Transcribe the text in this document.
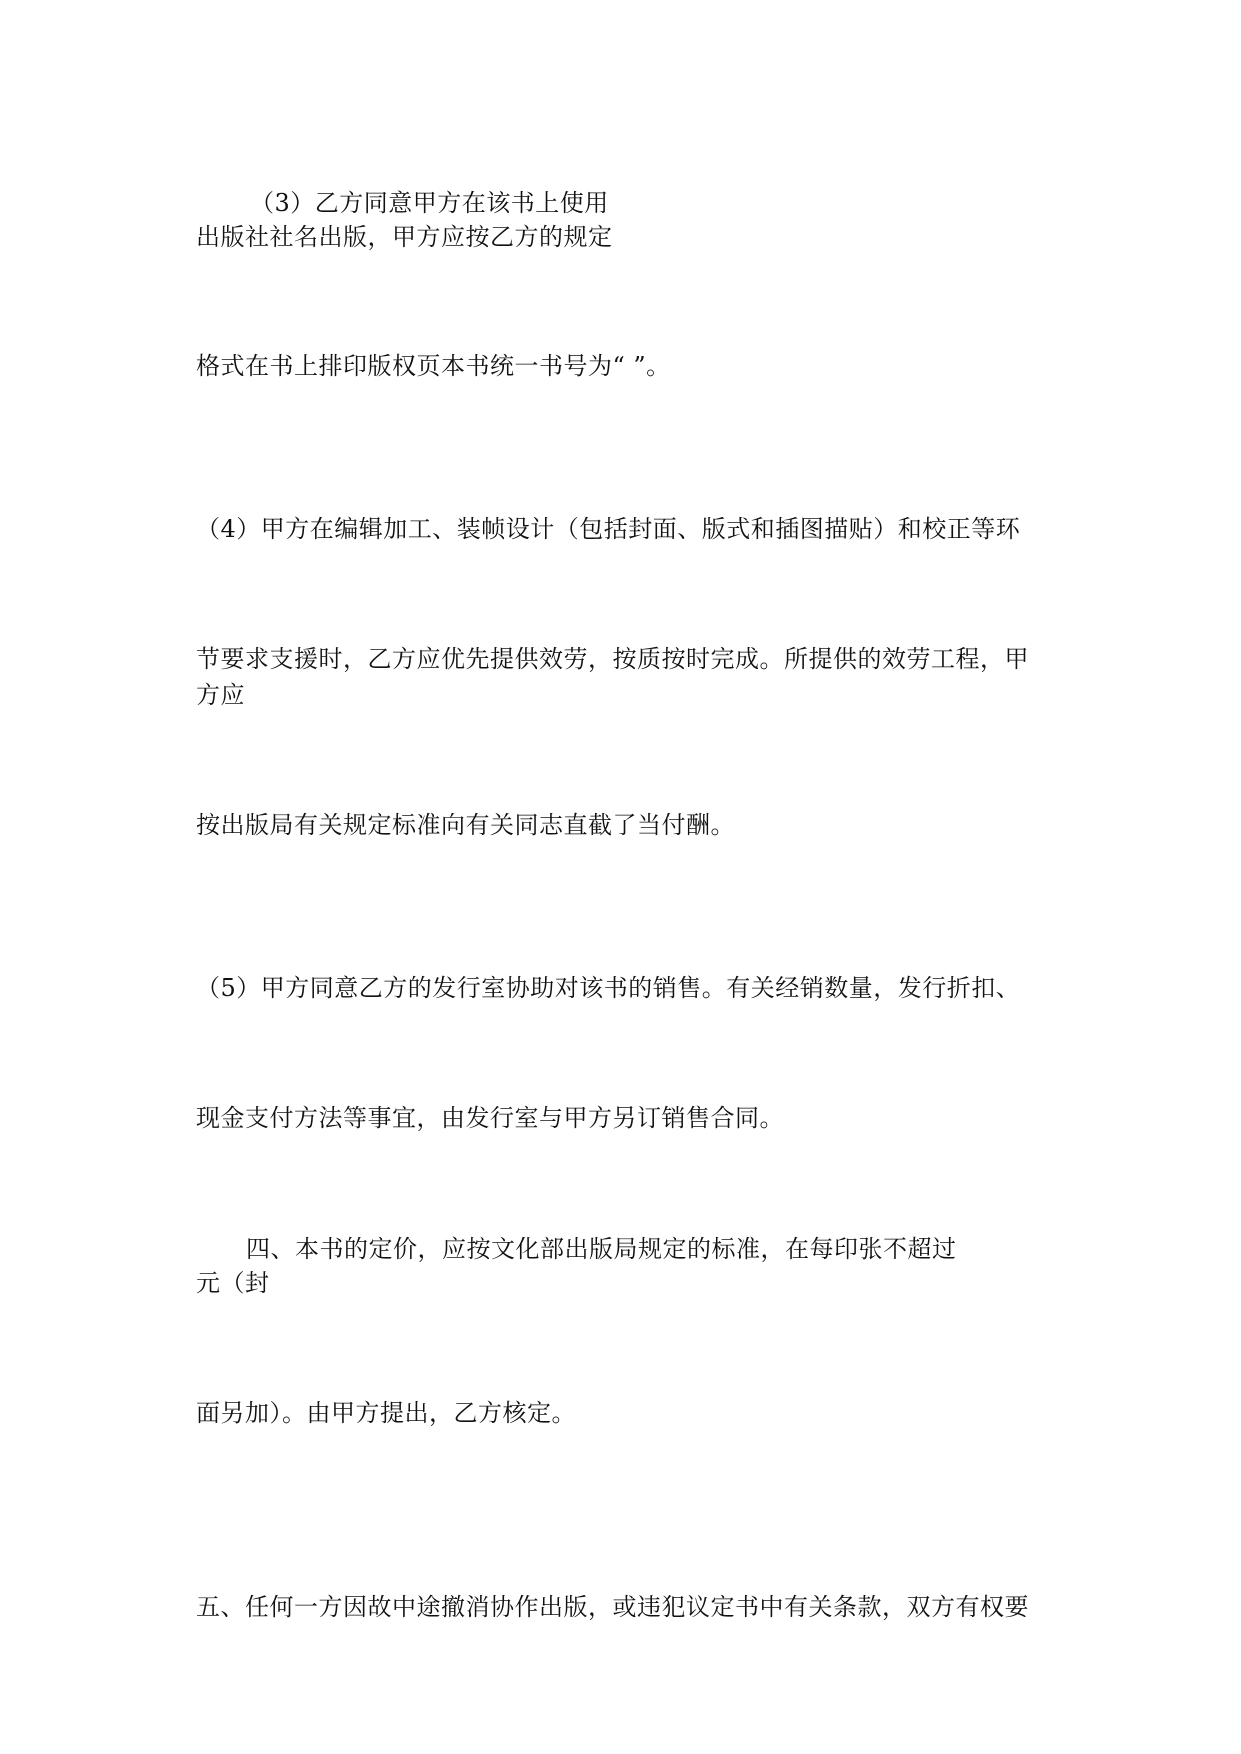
（3）乙方同意甲方在该书上使用
出版社社名出版，甲方应按乙方的规定
格式在书上排印版权页本书统一书号为“ ”。
（4）甲方在编辑加工、装帧设计（包括封面、版式和插图描贴）和校正等环
节要求支援时，乙方应优先提供效劳，按质按时完成。所提供的效劳工程，甲
方应
按出版局有关规定标准向有关同志直截了当付酬。
（5）甲方同意乙方的发行室协助对该书的销售。有关经销数量，发行折扣、
现金支付方法等事宜，由发行室与甲方另订销售合同。
四、本书的定价，应按文化部出版局规定的标准，在每印张不超过
元（封
面另加）。由甲方提出，乙方核定。
五、任何一方因故中途撤消协作出版，或违犯议定书中有关条款，双方有权要
